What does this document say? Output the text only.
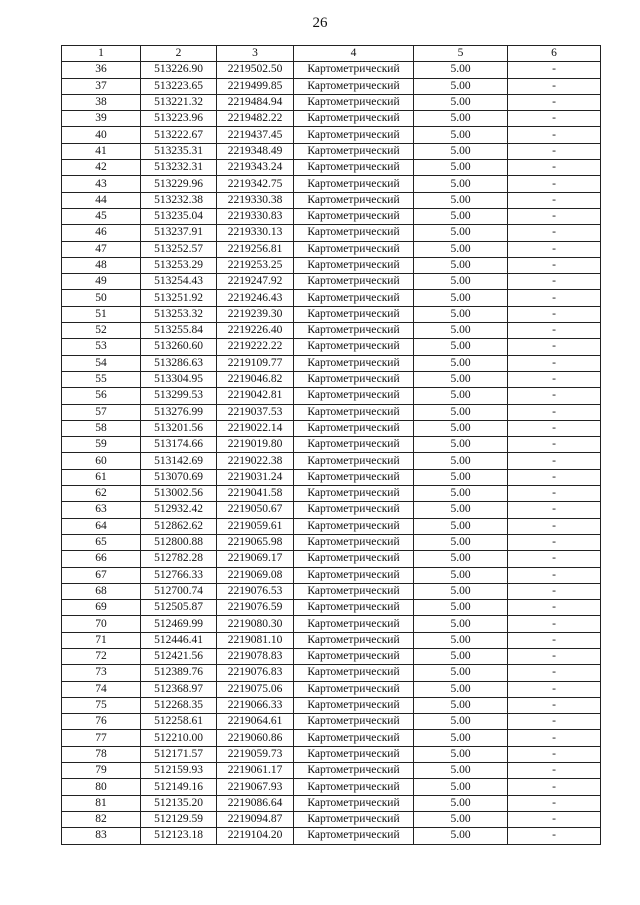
26
1	2	3	4	5	6
36	513226.90	2219502.50	Картометрический	5.00	-
37	513223.65	2219499.85	Картометрический	5.00	-
38	513221.32	2219484.94	Картометрический	5.00	-
39	513223.96	2219482.22	Картометрический	5.00	-
40	513222.67	2219437.45	Картометрический	5.00	-
41	513235.31	2219348.49	Картометрический	5.00	-
42	513232.31	2219343.24	Картометрический	5.00	-
43	513229.96	2219342.75	Картометрический	5.00	-
44	513232.38	2219330.38	Картометрический	5.00	-
45	513235.04	2219330.83	Картометрический	5.00	-
46	513237.91	2219330.13	Картометрический	5.00	-
47	513252.57	2219256.81	Картометрический	5.00	-
48	513253.29	2219253.25	Картометрический	5.00	-
49	513254.43	2219247.92	Картометрический	5.00	-
50	513251.92	2219246.43	Картометрический	5.00	-
51	513253.32	2219239.30	Картометрический	5.00	-
52	513255.84	2219226.40	Картометрический	5.00	-
53	513260.60	2219222.22	Картометрический	5.00	-
54	513286.63	2219109.77	Картометрический	5.00	-
55	513304.95	2219046.82	Картометрический	5.00	-
56	513299.53	2219042.81	Картометрический	5.00	-
57	513276.99	2219037.53	Картометрический	5.00	-
58	513201.56	2219022.14	Картометрический	5.00	-
59	513174.66	2219019.80	Картометрический	5.00	-
60	513142.69	2219022.38	Картометрический	5.00	-
61	513070.69	2219031.24	Картометрический	5.00	-
62	513002.56	2219041.58	Картометрический	5.00	-
63	512932.42	2219050.67	Картометрический	5.00	-
64	512862.62	2219059.61	Картометрический	5.00	-
65	512800.88	2219065.98	Картометрический	5.00	-
66	512782.28	2219069.17	Картометрический	5.00	-
67	512766.33	2219069.08	Картометрический	5.00	-
68	512700.74	2219076.53	Картометрический	5.00	-
69	512505.87	2219076.59	Картометрический	5.00	-
70	512469.99	2219080.30	Картометрический	5.00	-
71	512446.41	2219081.10	Картометрический	5.00	-
72	512421.56	2219078.83	Картометрический	5.00	-
73	512389.76	2219076.83	Картометрический	5.00	-
74	512368.97	2219075.06	Картометрический	5.00	-
75	512268.35	2219066.33	Картометрический	5.00	-
76	512258.61	2219064.61	Картометрический	5.00	-
77	512210.00	2219060.86	Картометрический	5.00	-
78	512171.57	2219059.73	Картометрический	5.00	-
79	512159.93	2219061.17	Картометрический	5.00	-
80	512149.16	2219067.93	Картометрический	5.00	-
81	512135.20	2219086.64	Картометрический	5.00	-
82	512129.59	2219094.87	Картометрический	5.00	-
83	512123.18	2219104.20	Картометрический	5.00	-
